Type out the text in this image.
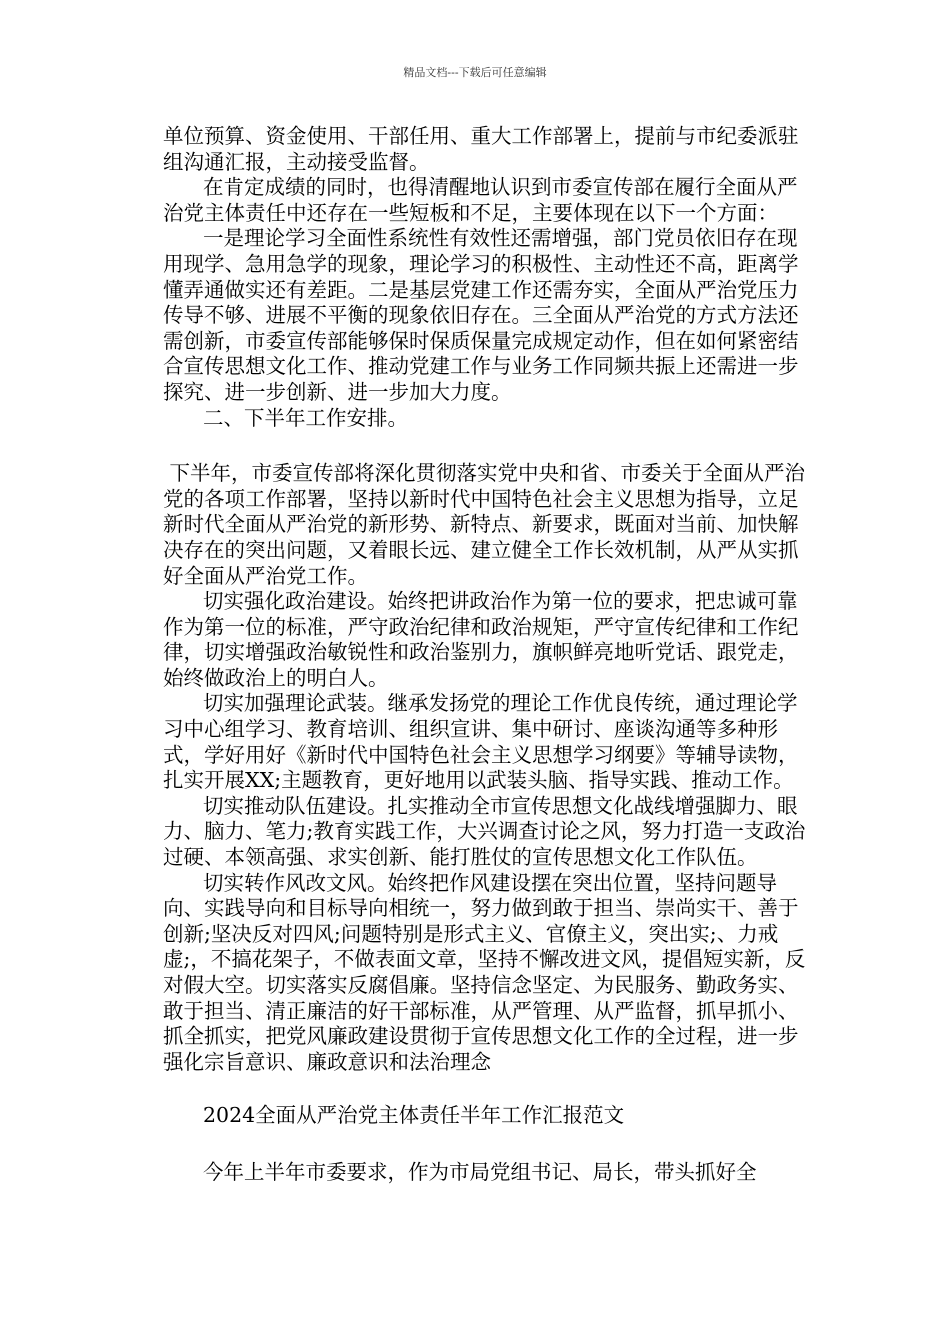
精品文档---下载后可任意编辑

单位预算、资金使用、干部任用、重大工作部署上，提前与市纪委派驻组沟通汇报，主动接受监督。

在肯定成绩的同时，也得清醒地认识到市委宣传部在履行全面从严治党主体责任中还存在一些短板和不足，主要体现在以下一个方面：

一是理论学习全面性系统性有效性还需增强，部门党员依旧存在现用现学、急用急学的现象，理论学习的积极性、主动性还不高，距离学懂弄通做实还有差距。二是基层党建工作还需夯实，全面从严治党压力传导不够、进展不平衡的现象依旧存在。三全面从严治党的方式方法还需创新，市委宣传部能够保时保质保量完成规定动作，但在如何紧密结合宣传思想文化工作、推动党建工作与业务工作同频共振上还需进一步探究、进一步创新、进一步加大力度。

二、下半年工作安排。

下半年，市委宣传部将深化贯彻落实党中央和省、市委关于全面从严治党的各项工作部署，坚持以新时代中国特色社会主义思想为指导，立足新时代全面从严治党的新形势、新特点、新要求，既面对当前、加快解决存在的突出问题，又着眼长远、建立健全工作长效机制，从严从实抓好全面从严治党工作。

切实强化政治建设。始终把讲政治作为第一位的要求，把忠诚可靠作为第一位的标准，严守政治纪律和政治规矩，严守宣传纪律和工作纪律，切实增强政治敏锐性和政治鉴别力，旗帜鲜亮地听党话、跟党走，始终做政治上的明白人。

切实加强理论武装。继承发扬党的理论工作优良传统，通过理论学习中心组学习、教育培训、组织宣讲、集中研讨、座谈沟通等多种形式，学好用好《新时代中国特色社会主义思想学习纲要》等辅导读物，扎实开展XX;主题教育，更好地用以武装头脑、指导实践、推动工作。

切实推动队伍建设。扎实推动全市宣传思想文化战线增强脚力、眼力、脑力、笔力;教育实践工作，大兴调查讨论之风，努力打造一支政治过硬、本领高强、求实创新、能打胜仗的宣传思想文化工作队伍。

切实转作风改文风。始终把作风建设摆在突出位置，坚持问题导向、实践导向和目标导向相统一，努力做到敢于担当、崇尚实干、善于创新;坚决反对四风;问题特别是形式主义、官僚主义，突出实;、力戒虚;，不搞花架子，不做表面文章，坚持不懈改进文风，提倡短实新，反对假大空。切实落实反腐倡廉。坚持信念坚定、为民服务、勤政务实、敢于担当、清正廉洁的好干部标准，从严管理、从严监督，抓早抓小、抓全抓实，把党风廉政建设贯彻于宣传思想文化工作的全过程，进一步强化宗旨意识、廉政意识和法治理念

2024全面从严治党主体责任半年工作汇报范文

今年上半年市委要求，作为市局党组书记、局长，带头抓好全
